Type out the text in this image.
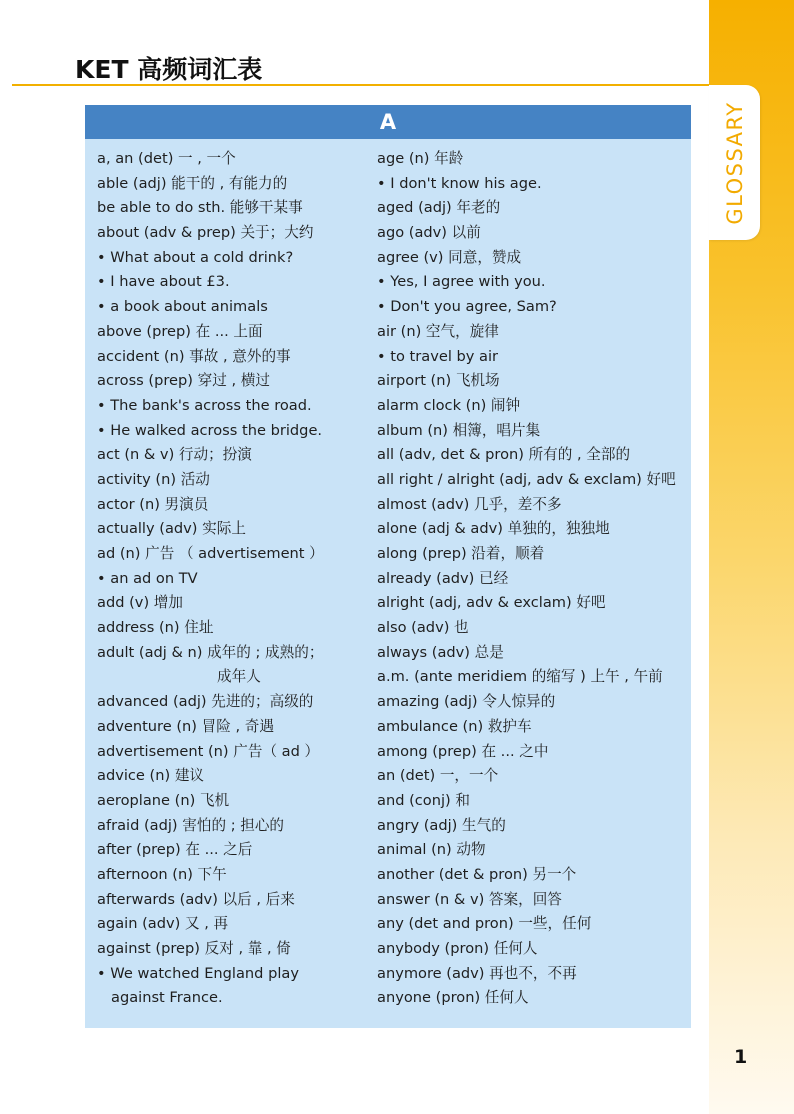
GLOSSARY
KET 高频词汇表
A
a, an (det) 一 , 一个
able (adj) 能干的 , 有能力的
be able to do sth. 能够干某事
about (adv & prep) 关于；大约
• What about a cold drink?
• I have about £3.
• a book about animals
above (prep) 在 ... 上面
accident (n) 事故 , 意外的事
across (prep) 穿过 , 横过
• The bank's across the road.
• He walked across the bridge.
act (n & v) 行动；扮演
activity (n) 活动
actor (n) 男演员
actually (adv) 实际上
ad (n) 广告 （ advertisement ）
• an ad on TV
add (v) 增加
address (n) 住址
adult (adj & n) 成年的 ; 成熟的；
成年人
advanced (adj) 先进的；高级的
adventure (n) 冒险 , 奇遇
advertisement (n) 广告（ ad ）
advice (n) 建议
aeroplane (n) 飞机
afraid (adj) 害怕的 ; 担心的
after (prep) 在 ... 之后
afternoon (n) 下午
afterwards (adv) 以后 , 后来
again (adv) 又 , 再
against (prep) 反对 , 靠 , 倚
• We watched England play
against France.
age (n) 年龄
• I don't know his age.
aged (adj) 年老的
ago (adv) 以前
agree (v) 同意，赞成
• Yes, I agree with you.
• Don't you agree, Sam?
air (n) 空气，旋律
• to travel by air
airport (n) 飞机场
alarm clock (n) 闹钟
album (n) 相簿，唱片集
all (adv, det & pron) 所有的 , 全部的
all right / alright (adj, adv & exclam) 好吧
almost (adv) 几乎，差不多
alone (adj & adv) 单独的，独独地
along (prep) 沿着，顺着
already (adv) 已经
alright (adj, adv & exclam) 好吧
also (adv) 也
always (adv) 总是
a.m. (ante meridiem 的缩写 ) 上午 , 午前
amazing (adj) 令人惊异的
ambulance (n) 救护车
among (prep) 在 ... 之中
an (det) 一，一个
and (conj) 和
angry (adj) 生气的
animal (n) 动物
another (det & pron) 另一个
answer (n & v) 答案，回答
any (det and pron) 一些，任何
anybody (pron) 任何人
anymore (adv) 再也不，不再
anyone (pron) 任何人
1
